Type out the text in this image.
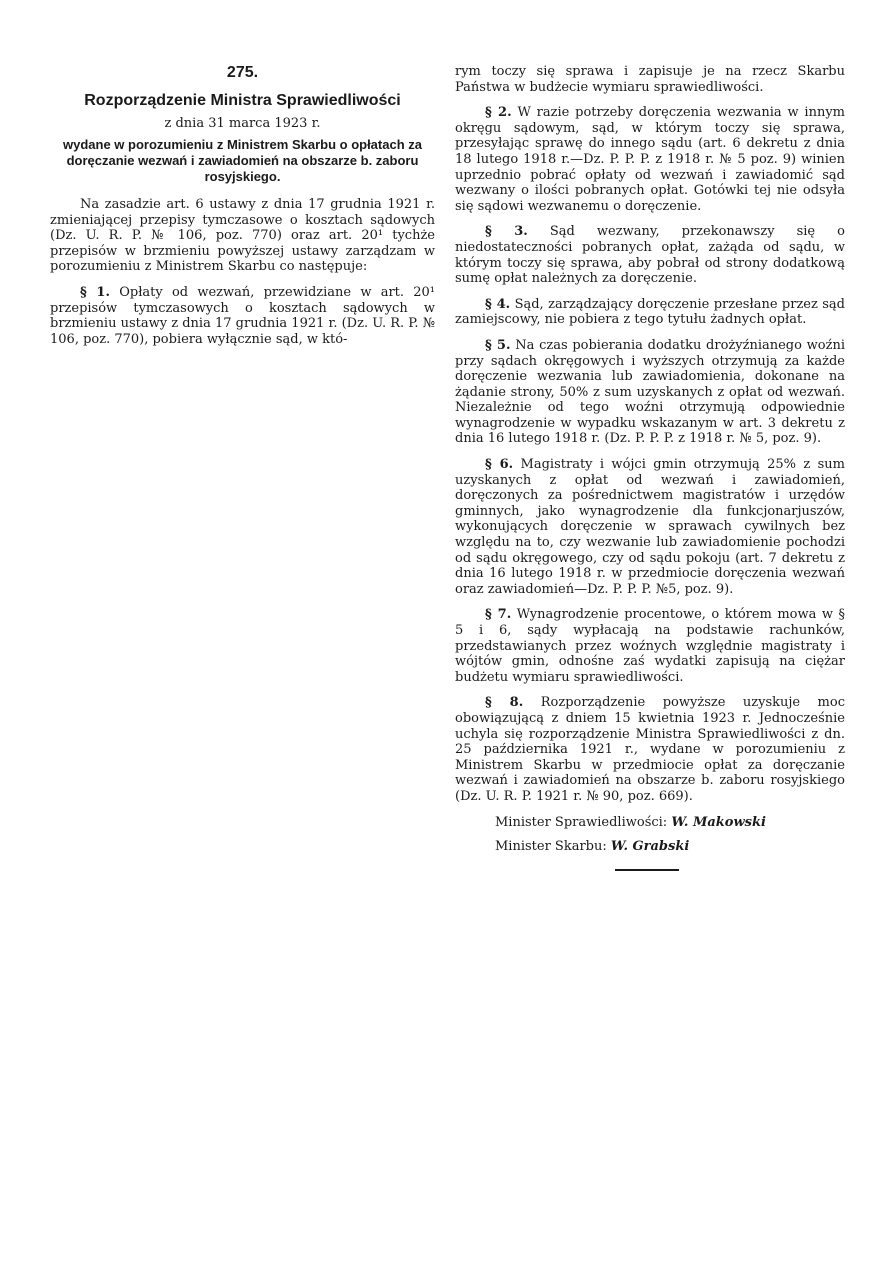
275.

Rozporządzenie Ministra Sprawiedliwości

z dnia 31 marca 1923 r.

wydane w porozumieniu z Ministrem Skarbu o opłatach za doręczanie wezwań i zawiadomień na obszarze b. zaboru rosyjskiego.

Na zasadzie art. 6 ustawy z dnia 17 grudnia 1921 r. zmieniającej przepisy tymczasowe o kosztach sądowych (Dz. U. R. P. № 106, poz. 770) oraz art. 20¹ tychże przepisów w brzmieniu powyższej ustawy zarządzam w porozumieniu z Ministrem Skarbu co następuje:

§ 1. Opłaty od wezwań, przewidziane w art. 20¹ przepisów tymczasowych o kosztach sądowych w brzmieniu ustawy z dnia 17 grudnia 1921 r. (Dz. U. R. P. № 106, poz. 770), pobiera wyłącznie sąd, w któ-

rym toczy się sprawa i zapisuje je na rzecz Skarbu Państwa w budżecie wymiaru sprawiedliwości.

§ 2. W razie potrzeby doręczenia wezwania w innym okręgu sądowym, sąd, w którym toczy się sprawa, przesyłając sprawę do innego sądu (art. 6 dekretu z dnia 18 lutego 1918 r.—Dz. P. P. P. z 1918 r. № 5 poz. 9) winien uprzednio pobrać opłaty od wezwań i zawiadomić sąd wezwany o ilości pobranych opłat. Gotówki tej nie odsyła się sądowi wezwanemu o doręczenie.

§ 3. Sąd wezwany, przekonawszy się o niedostateczności pobranych opłat, zażąda od sądu, w którym toczy się sprawa, aby pobrał od strony dodatkową sumę opłat należnych za doręczenie.

§ 4. Sąd, zarządzający doręczenie przesłane przez sąd zamiejscowy, nie pobiera z tego tytułu żadnych opłat.

§ 5. Na czas pobierania dodatku drożyźnianego woźni przy sądach okręgowych i wyższych otrzymują za każde doręczenie wezwania lub zawiadomienia, dokonane na żądanie strony, 50% z sum uzyskanych z opłat od wezwań. Niezależnie od tego woźni otrzymują odpowiednie wynagrodzenie w wypadku wskazanym w art. 3 dekretu z dnia 16 lutego 1918 r. (Dz. P. P. P. z 1918 r. № 5, poz. 9).

§ 6. Magistraty i wójci gmin otrzymują 25% z sum uzyskanych z opłat od wezwań i zawiadomień, doręczonych za pośrednictwem magistratów i urzędów gminnych, jako wynagrodzenie dla funkcjonarjuszów, wykonujących doręczenie w sprawach cywilnych bez względu na to, czy wezwanie lub zawiadomienie pochodzi od sądu okręgowego, czy od sądu pokoju (art. 7 dekretu z dnia 16 lutego 1918 r. w przedmiocie doręczenia wezwań oraz zawiadomień—Dz. P. P. P. №5, poz. 9).

§ 7. Wynagrodzenie procentowe, o którem mowa w § 5 i 6, sądy wypłacają na podstawie rachunków, przedstawianych przez woźnych względnie magistraty i wójtów gmin, odnośne zaś wydatki zapisują na ciężar budżetu wymiaru sprawiedliwości.

§ 8. Rozporządzenie powyższe uzyskuje moc obowiązującą z dniem 15 kwietnia 1923 r. Jednocześnie uchyla się rozporządzenie Ministra Sprawiedliwości z dn. 25 października 1921 r., wydane w porozumieniu z Ministrem Skarbu w przedmiocie opłat za doręczanie wezwań i zawiadomień na obszarze b. zaboru rosyjskiego (Dz. U. R. P. 1921 r. № 90, poz. 669).

Minister Sprawiedliwości: W. Makowski

Minister Skarbu: W. Grabski
